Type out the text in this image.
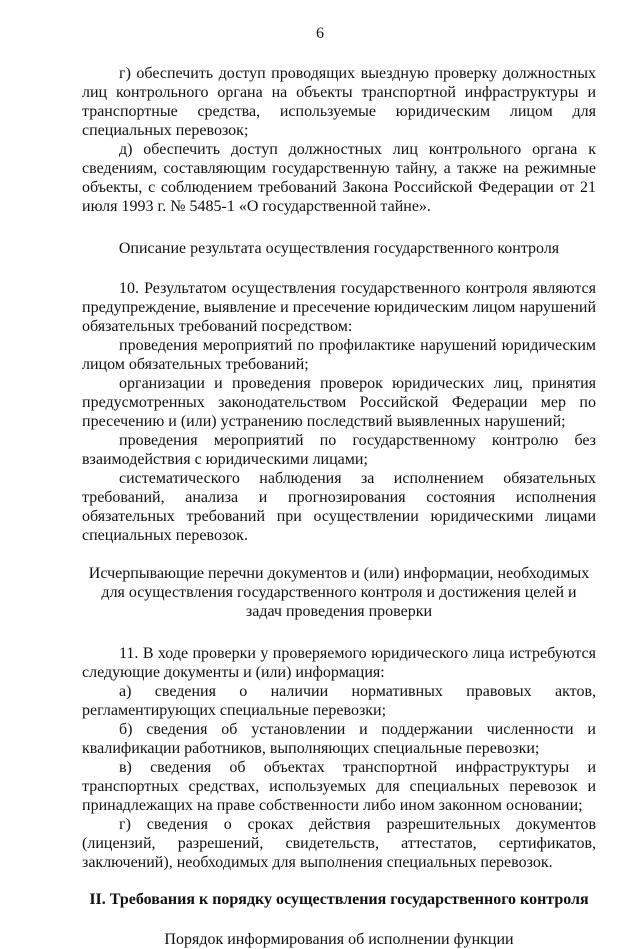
6

г) обеспечить доступ проводящих выездную проверку должностных лиц контрольного органа на объекты транспортной инфраструктуры и транспортные средства, используемые юридическим лицом для специальных перевозок;

д) обеспечить доступ должностных лиц контрольного органа к сведениям, составляющим государственную тайну, а также на режимные объекты, с соблюдением требований Закона Российской Федерации от 21 июля 1993 г. № 5485-1 «О государственной тайне».

Описание результата осуществления государственного контроля

10. Результатом осуществления государственного контроля являются предупреждение, выявление и пресечение юридическим лицом нарушений обязательных требований посредством:

проведения мероприятий по профилактике нарушений юридическим лицом обязательных требований;

организации и проведения проверок юридических лиц, принятия предусмотренных законодательством Российской Федерации мер по пресечению и (или) устранению последствий выявленных нарушений;

проведения мероприятий по государственному контролю без взаимодействия с юридическими лицами;

систематического наблюдения за исполнением обязательных требований, анализа и прогнозирования состояния исполнения обязательных требований при осуществлении юридическими лицами специальных перевозок.

Исчерпывающие перечни документов и (или) информации, необходимых для осуществления государственного контроля и достижения целей и задач проведения проверки

11. В ходе проверки у проверяемого юридического лица истребуются следующие документы и (или) информация:

а) сведения о наличии нормативных правовых актов, регламентирующих специальные перевозки;

б) сведения об установлении и поддержании численности и квалификации работников, выполняющих специальные перевозки;

в) сведения об объектах транспортной инфраструктуры и транспортных средствах, используемых для специальных перевозок и принадлежащих на праве собственности либо ином законном основании;

г) сведения о сроках действия разрешительных документов (лицензий, разрешений, свидетельств, аттестатов, сертификатов, заключений), необходимых для выполнения специальных перевозок.

II. Требования к порядку осуществления государственного контроля

Порядок информирования об исполнении функции
